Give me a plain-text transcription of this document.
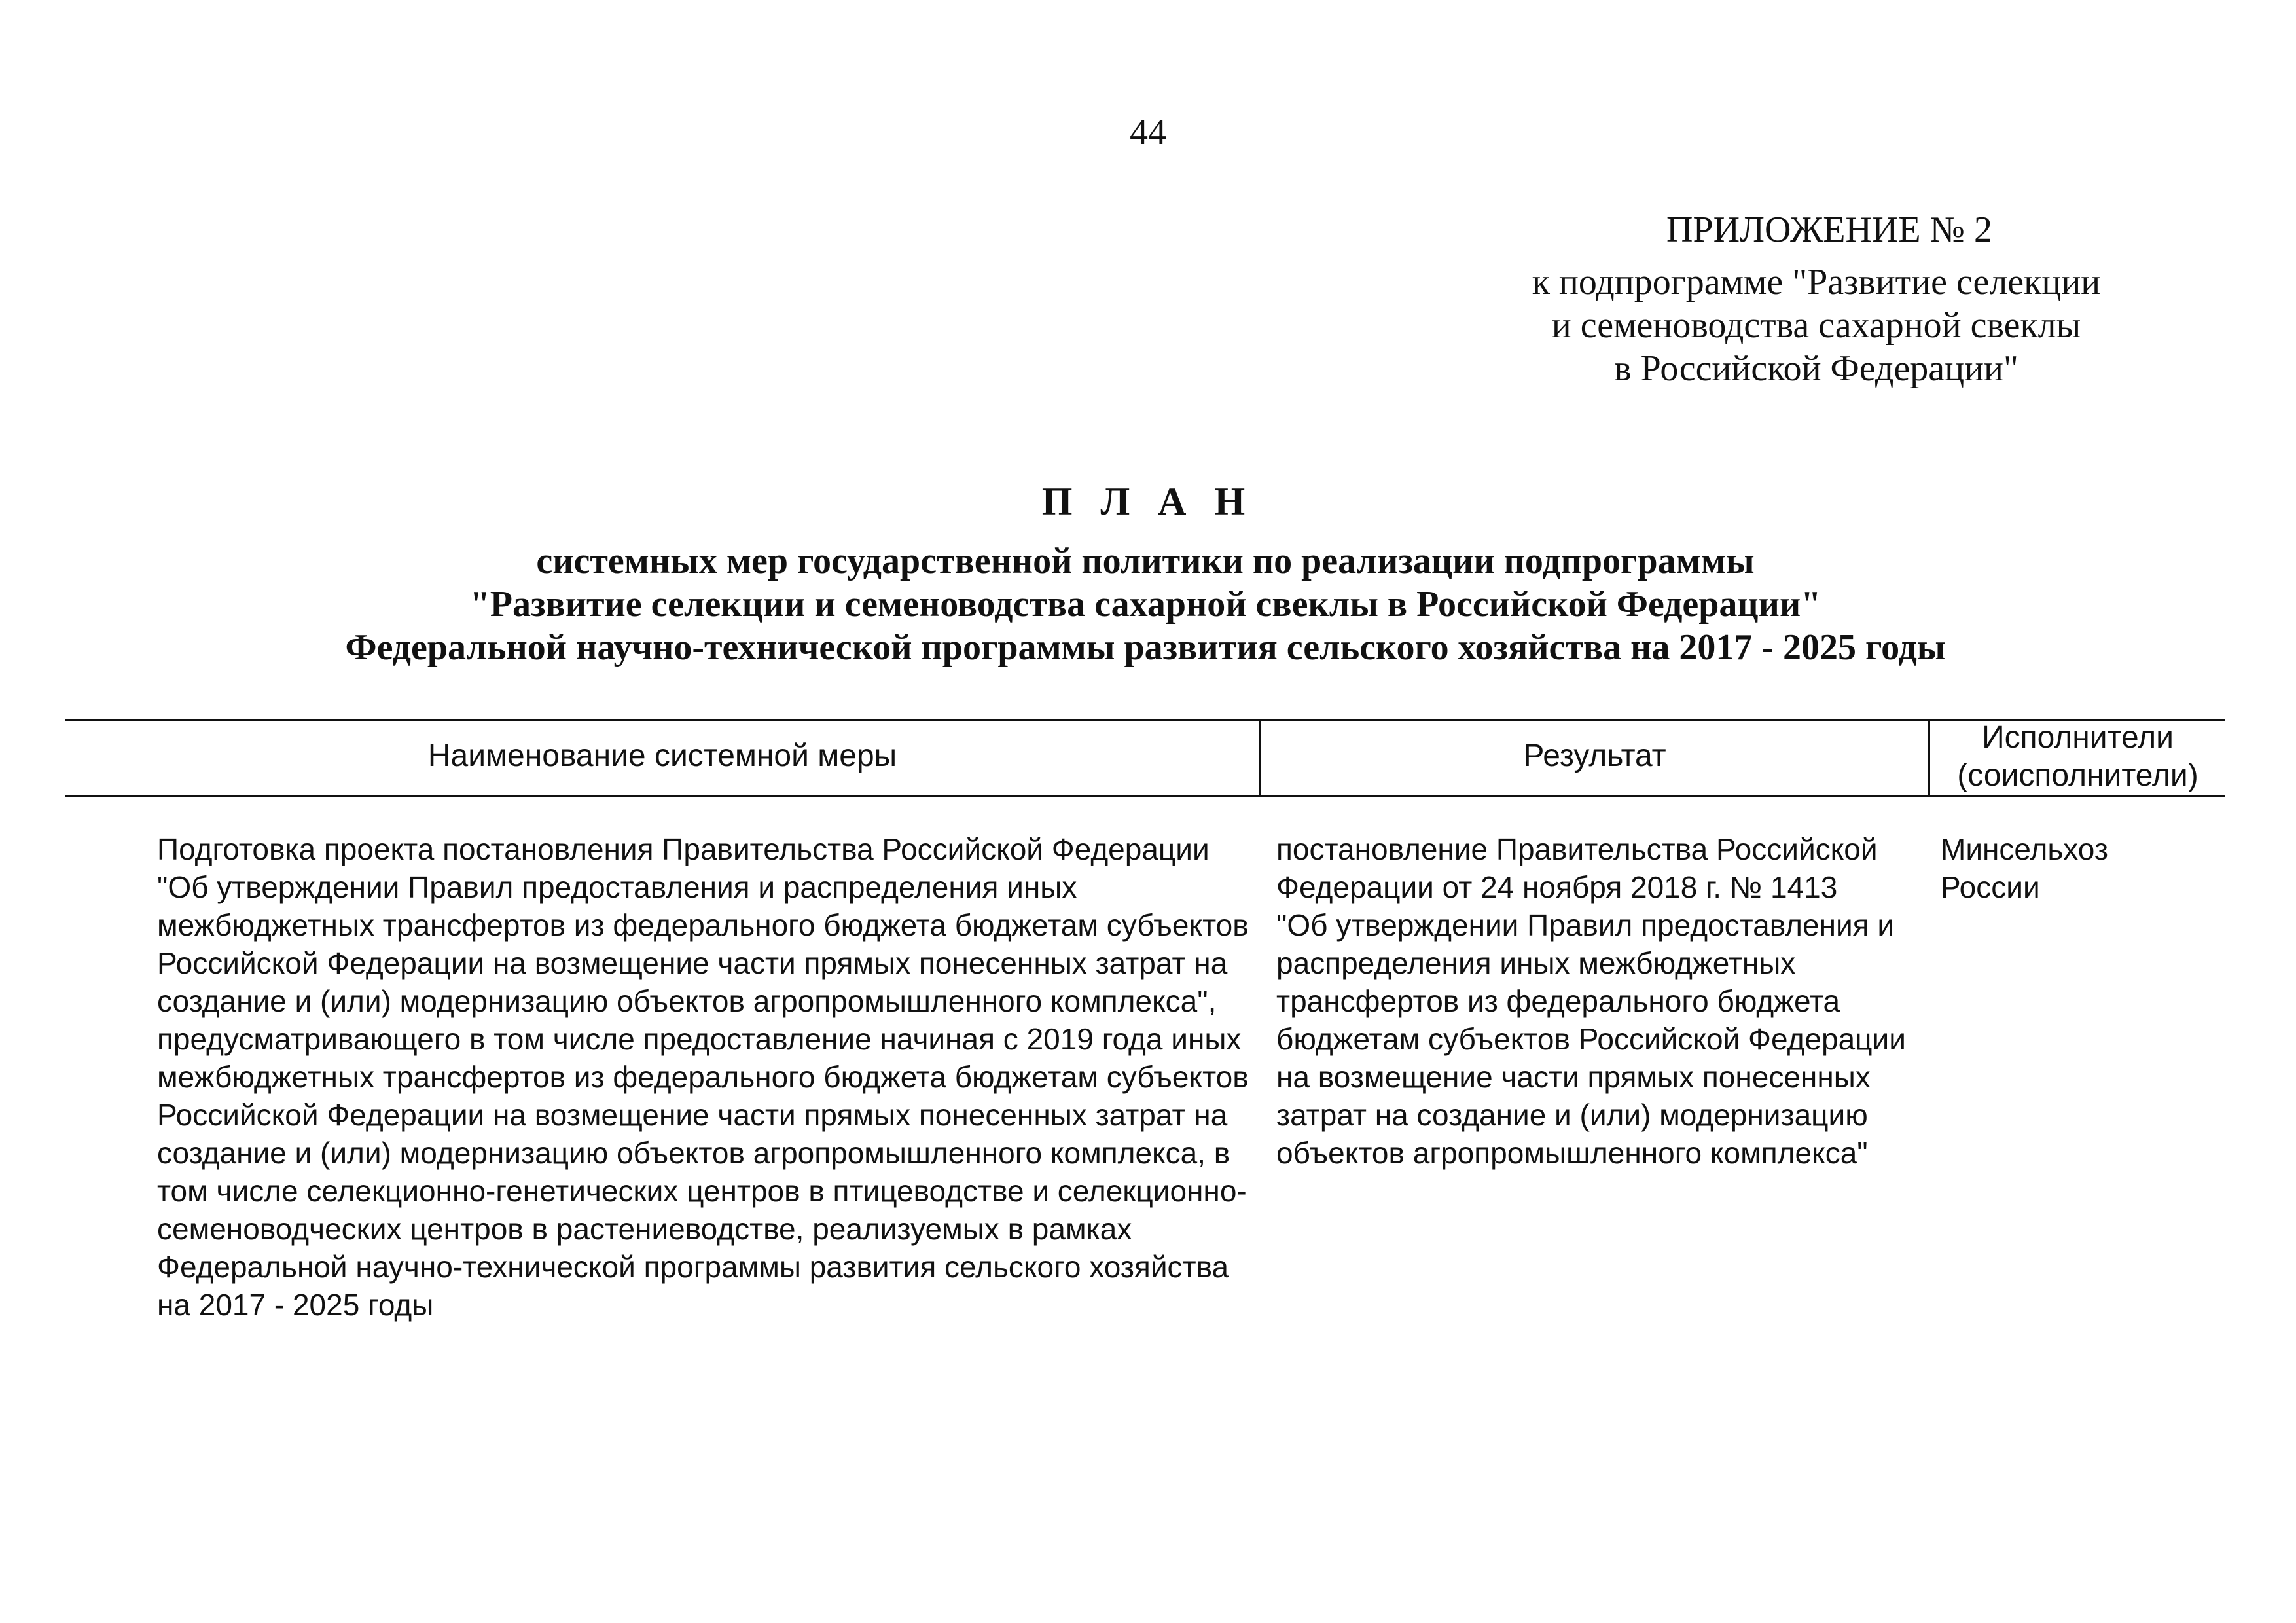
44
ПРИЛОЖЕНИЕ № 2
к подпрограмме "Развитие селекции
и семеноводства сахарной свеклы
в Российской Федерации"
П Л А Н
системных мер государственной политики по реализации подпрограммы
"Развитие селекции и семеноводства сахарной свеклы в Российской Федерации"
Федеральной научно-технической программы развития сельского хозяйства на 2017 - 2025 годы
Наименование системной меры	Результат
Исполнители
(соисполнители)
Подготовка проекта постановления Правительства Российской Федерации
"Об утверждении Правил предоставления и распределения иных
межбюджетных трансфертов из федерального бюджета бюджетам субъектов
Российской Федерации на возмещение части прямых понесенных затрат на
создание и (или) модернизацию объектов агропромышленного комплекса",
предусматривающего в том числе предоставление начиная с 2019 года иных
межбюджетных трансфертов из федерального бюджета бюджетам субъектов
Российской Федерации на возмещение части прямых понесенных затрат на
создание и (или) модернизацию объектов агропромышленного комплекса, в
том числе селекционно-генетических центров в птицеводстве и селекционно-
семеноводческих центров в растениеводстве, реализуемых в рамках
Федеральной научно-технической программы развития сельского хозяйства
на 2017 - 2025 годы
постановление Правительства Российской
Федерации от 24 ноября 2018 г. № 1413
"Об утверждении Правил предоставления и
распределения иных межбюджетных
трансфертов из федерального бюджета
бюджетам субъектов Российской Федерации
на возмещение части прямых понесенных
затрат на создание и (или) модернизацию
объектов агропромышленного комплекса"
Минсельхоз
России
